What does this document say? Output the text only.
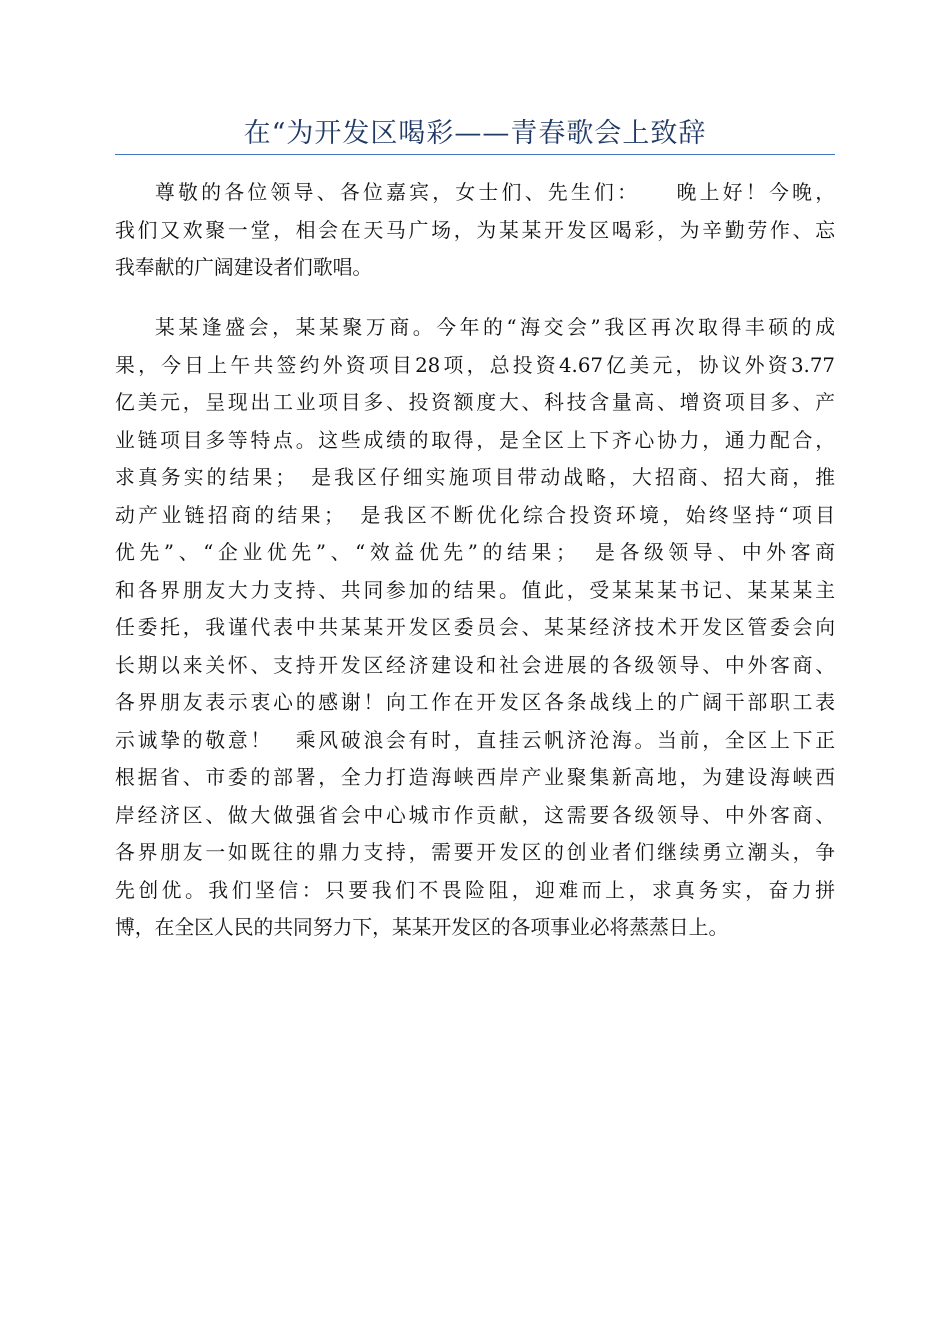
在“为开发区喝彩——青春歌会上致辞
尊敬的各位领导、各位嘉宾，女士们、先生们：　　晚上好！今晚，
我们又欢聚一堂，相会在天马广场，为某某开发区喝彩，为辛勤劳作、忘
我奉献的广阔建设者们歌唱。
某某逢盛会，某某聚万商。今年的“海交会”我区再次取得丰硕的成
果，今日上午共签约外资项目28项，总投资4.67亿美元，协议外资3.77
亿美元，呈现出工业项目多、投资额度大、科技含量高、增资项目多、产
业链项目多等特点。这些成绩的取得，是全区上下齐心协力，通力配合，
求真务实的结果；　是我区仔细实施项目带动战略，大招商、招大商，推
动产业链招商的结果；　是我区不断优化综合投资环境，始终坚持“项目
优先”、“企业优先”、“效益优先”的结果；　是各级领导、中外客商
和各界朋友大力支持、共同参加的结果。值此，受某某某书记、某某某主
任委托，我谨代表中共某某开发区委员会、某某经济技术开发区管委会向
长期以来关怀、支持开发区经济建设和社会进展的各级领导、中外客商、
各界朋友表示衷心的感谢！向工作在开发区各条战线上的广阔干部职工表
示诚挚的敬意！　乘风破浪会有时，直挂云帆济沧海。当前，全区上下正
根据省、市委的部署，全力打造海峡西岸产业聚集新高地，为建设海峡西
岸经济区、做大做强省会中心城市作贡献，这需要各级领导、中外客商、
各界朋友一如既往的鼎力支持，需要开发区的创业者们继续勇立潮头，争
先创优。我们坚信：只要我们不畏险阻，迎难而上，求真务实，奋力拼
博，在全区人民的共同努力下，某某开发区的各项事业必将蒸蒸日上。
